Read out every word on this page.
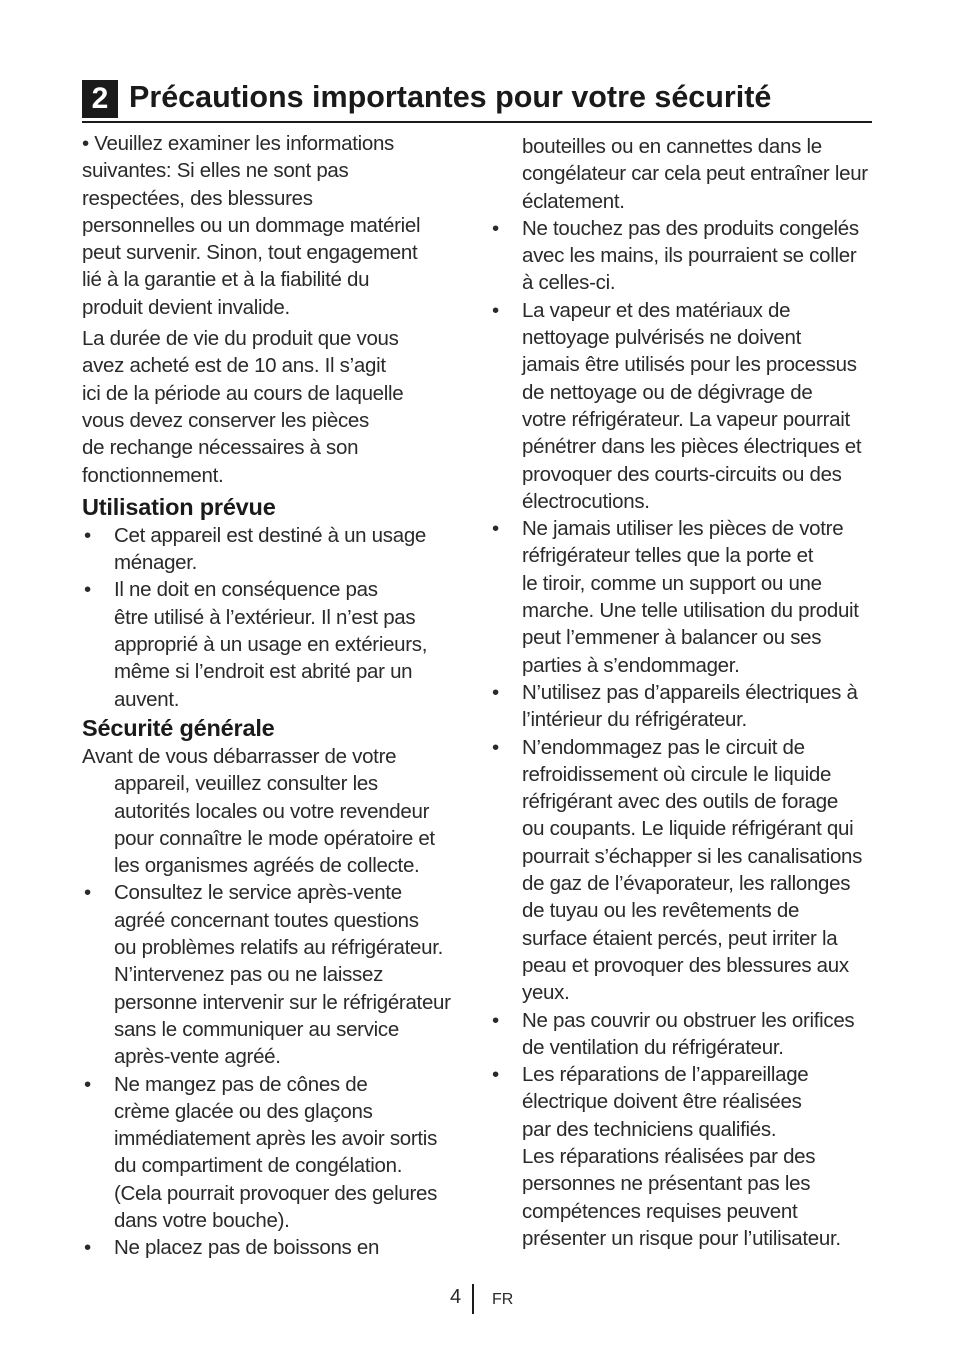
2 Précautions importantes pour votre sécurité
• Veuillez examiner les informations
suivantes: Si elles ne sont pas
respectées, des blessures
personnelles ou un dommage matériel
peut survenir. Sinon, tout engagement
lié à la garantie et à la fiabilité du
produit devient invalide.
La durée de vie du produit que vous
avez acheté est de 10 ans. Il s’agit
ici de la période au cours de laquelle
vous devez conserver les pièces
de rechange nécessaires à son
fonctionnement.
Utilisation prévue
• Cet appareil est destiné à un usage
ménager.
• Il ne doit en conséquence pas
être utilisé à l’extérieur. Il n’est pas
approprié à un usage en extérieurs,
même si l’endroit est abrité par un
auvent.
Sécurité générale
Avant de vous débarrasser de votre
appareil, veuillez consulter les
autorités locales ou votre revendeur
pour connaître le mode opératoire et
les organismes agréés de collecte.
• Consultez le service après-vente
agréé concernant toutes questions
ou problèmes relatifs au réfrigérateur.
N’intervenez pas ou ne laissez
personne intervenir sur le réfrigérateur
sans le communiquer au service
après-vente agréé.
• Ne mangez pas de cônes de
crème glacée ou des glaçons
immédiatement après les avoir sortis
du compartiment de congélation.
(Cela pourrait provoquer des gelures
dans votre bouche).
• Ne placez pas de boissons en
bouteilles ou en cannettes dans le
congélateur car cela peut entraîner leur
éclatement.
• Ne touchez pas des produits congelés
avec les mains, ils pourraient se coller
à celles-ci.
• La vapeur et des matériaux de
nettoyage pulvérisés ne doivent
jamais être utilisés pour les processus
de nettoyage ou de dégivrage de
votre réfrigérateur. La vapeur pourrait
pénétrer dans les pièces électriques et
provoquer des courts-circuits ou des
électrocutions.
• Ne jamais utiliser les pièces de votre
réfrigérateur telles que la porte et
le tiroir, comme un support ou une
marche. Une telle utilisation du produit
peut l’emmener à balancer ou ses
parties à s’endommager.
• N’utilisez pas d’appareils électriques à
l’intérieur du réfrigérateur.
• N’endommagez pas le circuit de
refroidissement où circule le liquide
réfrigérant avec des outils de forage
ou coupants. Le liquide réfrigérant qui
pourrait s’échapper si les canalisations
de gaz de l’évaporateur, les rallonges
de tuyau ou les revêtements de
surface étaient percés, peut irriter la
peau et provoquer des blessures aux
yeux.
• Ne pas couvrir ou obstruer les orifices
de ventilation du réfrigérateur.
• Les réparations de l’appareillage
électrique doivent être réalisées
par des techniciens qualifiés.
Les réparations réalisées par des
personnes ne présentant pas les
compétences requises peuvent
présenter un risque pour l’utilisateur.
4 FR
